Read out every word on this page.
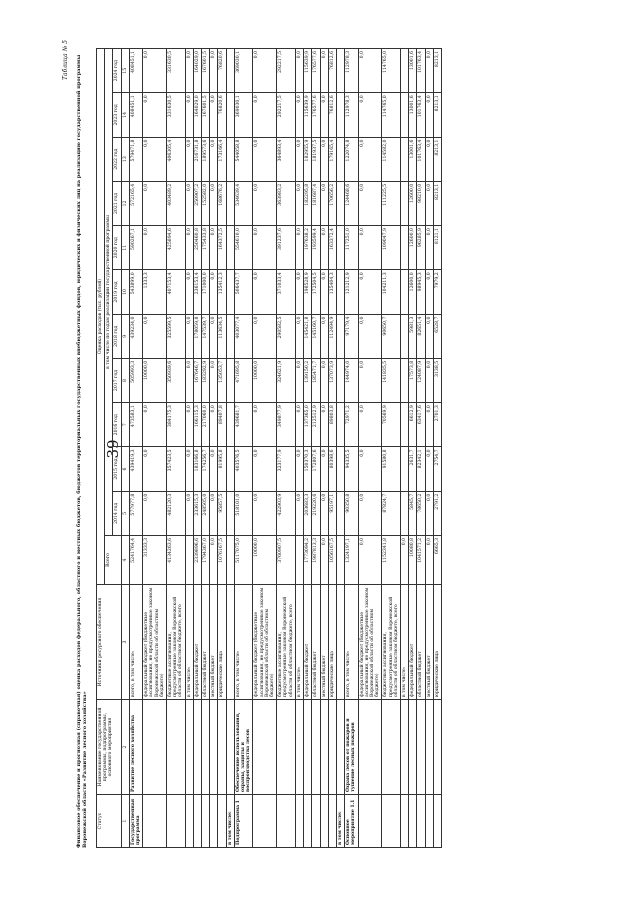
39
Таблица № 5 Финансовое обеспечение и прогнозная (справочная) оценка расходов федерального, областного и местных бюджетов, бюджетов территориальных государственных внебюджетных фондов, юридических и физических лиц на реализацию государственной программы Воронежской области «Развитие лесного хозяйства» Статус	Наименование государственной программы, подпрограммы, основного мероприятия	Источники ресурсного обеспечения	Оценка расходов (тыс. рублей)											
			Всего	в том числе по годам реализации государственной программы										
				2014 год	2015 год	2016 год	2017 год	2018 год	2019 год	2020 год	2021 год	2022 год	2023 год	2024 год
1	2	3	4	5	6	7	8	9	10	11	12	13	14	15
Государственная программа	Развитие лесного хозяйства	всего, в том числе:	5241764,4	577977,8	439419,3	473583,1	505993,3	439234,0	543899,0	590267,1	572165,4	579471,8	408451,1	408451,1
		федеральный бюджет (бюджетные ассигнования, не предусмотренные законом Воронежской области об областном бюджете)	31333,3	0,0	0,0	0,0	10000,0	0,0	1333,3	0,0	0,0	0,0	0,0	0,0
		бюджетные ассигнования, предусмотренные законом Воронежской области об областном бюджете, всего	4134263,6	482120,3	357423,5	384175,3	350939,6	325599,5	407153,4	425894,6	403489,2	406305,4	331630,5	331630,5
		в том числе:		0,0	0,0	0,0	0,0	0,0	0,0	0,0	0,0	0,0	0,0	0,0
		федеральный бюджет	2339896,6	233615,3	183166,8	166115,3	167646,7	178059,8	236153,4	250460,8	250907,2	216731,8	164029,0	164029,0
		областной бюджет	1794367,0	248505,0	174256,7	217060,0	183292,9	147539,7	171000,0	175433,8	152582,0	189573,6	167601,5	167601,5
		местный бюджет	0,0	0,0	0,0	0,0	0,0	0,0	0,0	0,0	0,0	0,0	0,0	0,0
		юридические лица	1076167,5	95857,5	81995,8	89407,8	135053,7	113634,5	135412,3	164372,5	168676,2	173166,4	76820,6	76820,6
в том числе:														
Подпрограмма 1	Обеспечение использования, охраны, защиты и воспроизводства лесов	всего, в том числе:	5117075,0	518101,0	403576,5	439681,7	471695,8	403077,4	506437,7	554610,0	534639,4	544058,8	369030,1	369030,1
		федеральный бюджет (бюджетные ассигнования, не предусмотренные законом Воронежской области об областном бюджете)	10000,0	0,0	0,0	0,0	10000,0	0,0	0,0	0,0	0,0	0,0	0,0	0,0
		бюджетные ассигнования, предусмотренные законом Воронежской области об областном бюджете, всего	3760907,5	422903,9	323177,9	349877,9	324621,9	290582,5	371033,4	391237,6	363983,2	364893,4	292217,5	292217,5
		в том числе:		0,0	0,0	0,0	0,0	0,0	0,0	0,0	0,0	0,0	0,0	0,0
		федеральный бюджет	1773094,2	203683,3	150370,3	137365,0	139150,2	145421,8	198528,9	197638,2	182295,8	182955,9	115639,9	115639,9
		областной бюджет	1987813,3	219220,6	172807,6	212512,9	185471,7	145160,7	172504,5	193599,4	181687,4	181937,5	176577,6	176577,6
		местный бюджет	0,0	0,0	0,0	0,0	0,0	0,0	0,0	0,0	0,0	0,0	0,0	0,0
		юридические лица	1056167,5	95197,1	80398,6	89803,8	137073,9	112494,9	135404,3	163372,4	170656,2	179165,4	76812,6	76812,6
в том числе:														
Основное мероприятие 1.1	Охрана лесов от пожаров и тушение лесных пожаров	всего, в том числе:	1324197,1	90350,8	94335,5	72971,2	144974,0	97179,4	121212,9	117251,0	124468,6	122074,8	112978,3	112978,3
		федеральный бюджет (бюджетные ассигнования, не предусмотренные законом Воронежской области об областном бюджете)	0,0	0,0	0,0	0,0	0,0	0,0	0,0	0,0	0,0	0,0	0,0	0,0
		бюджетные ассигнования, предусмотренные законом Воронежской области об областном бюджете, всего	1152341,8	87824,7	91580,8	70569,9	141835,5	90650,7	104211,3	109047,9	111225,5	114582,0	114765,0	114765,0
		в том числе:	0,0											
		федеральный бюджет	10080,8	5845,7	2631,7	6612,9	17573,8	5981,3	12600,0	12600,0	12600,0	13001,6	13001,6	13001,6
		областной бюджет	1041571,2	78650,2	82342,1	63417,6	124087,9	82651,4	98945,3	96285,9	98210,0	101763,4	101763,4	101763,4
		местный бюджет	0,0	0,0	0,0	0,0	0,0	0,0	0,0	0,0	0,0	0,0	0,0	0,0
		юридические лица	6665,3	2791,2	2754,7	2701,3	3138,5	6528,7	7979,2	8121,1	8213,1	8213,1	8213,1	8213,1
